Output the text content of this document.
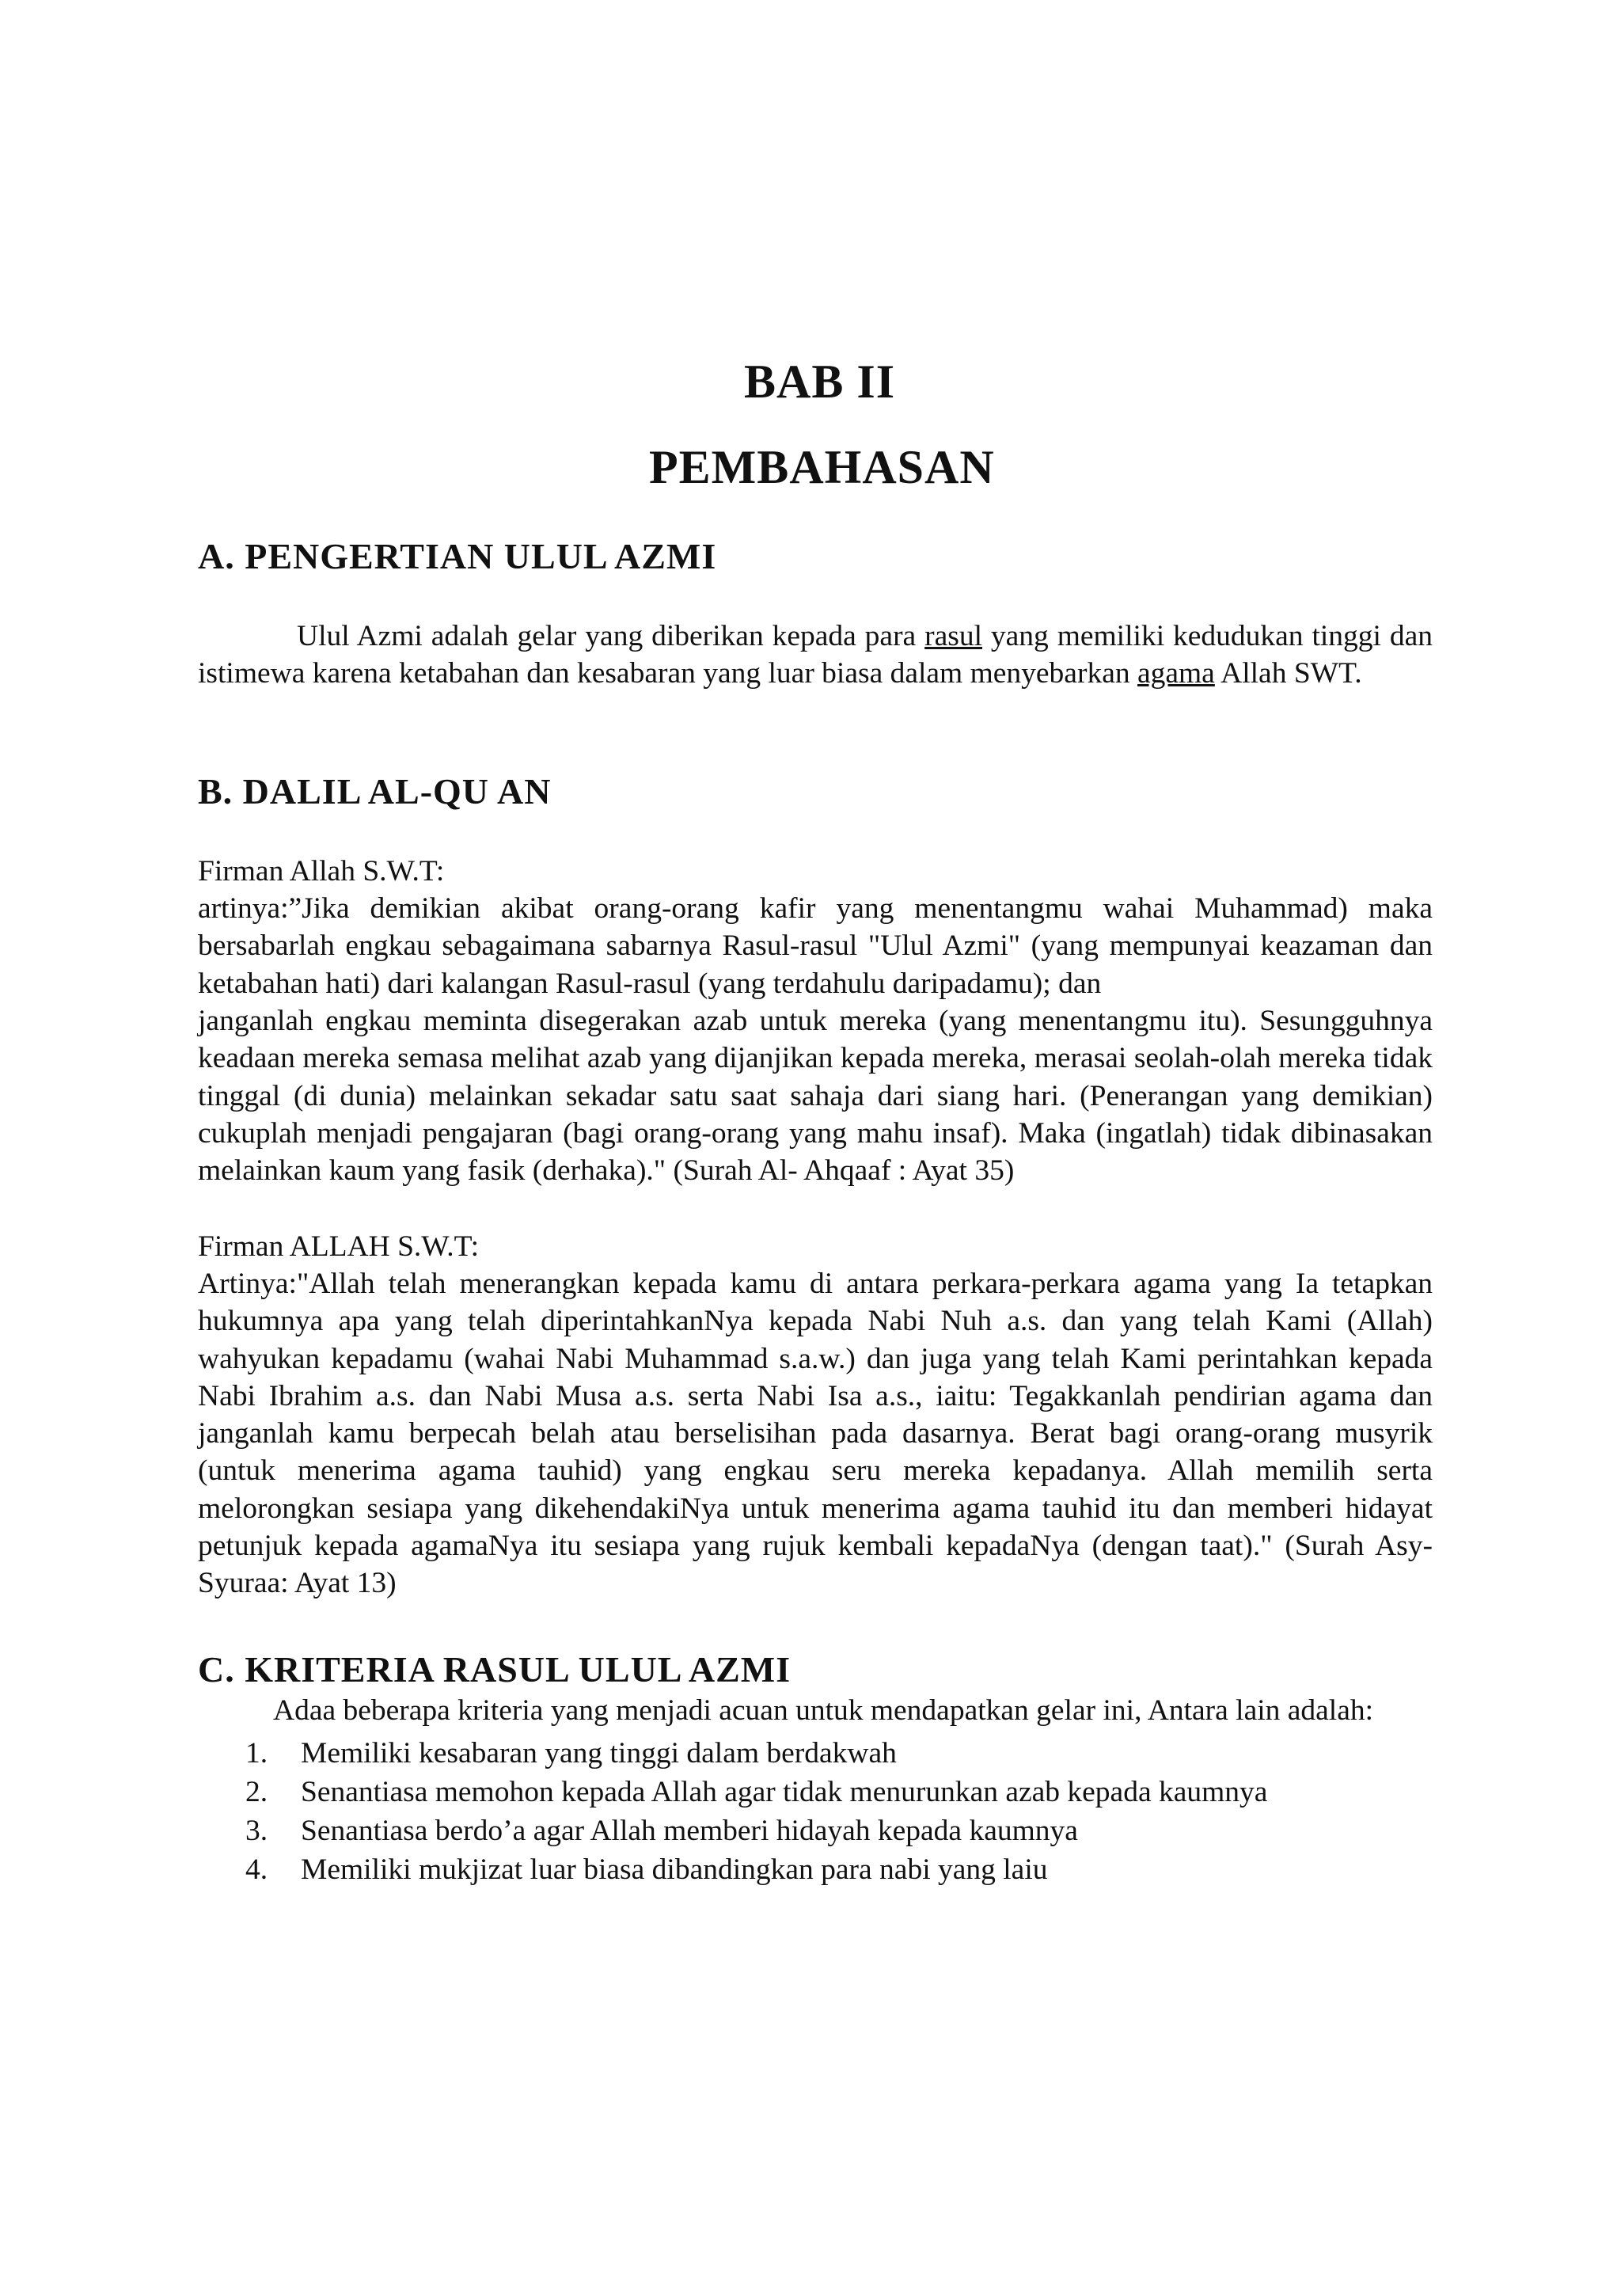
BAB II
PEMBAHASAN
A. PENGERTIAN ULUL AZMI

Ulul Azmi adalah gelar yang diberikan kepada para rasul yang memiliki kedudukan tinggi dan istimewa karena ketabahan dan kesabaran yang luar biasa dalam menyebarkan agama Allah SWT.

B. DALIL AL-QU AN

Firman Allah S.W.T:

artinya:”Jika demikian akibat orang-orang kafir yang menentangmu wahai Muhammad) maka bersabarlah engkau sebagaimana sabarnya Rasul-rasul "Ulul Azmi" (yang mempunyai keazaman dan ketabahan hati) dari kalangan Rasul-rasul (yang terdahulu daripadamu); dan

janganlah engkau meminta disegerakan azab untuk mereka (yang menentangmu itu). Sesungguhnya keadaan mereka semasa melihat azab yang dijanjikan kepada mereka, merasai seolah-olah mereka tidak tinggal (di dunia) melainkan sekadar satu saat sahaja dari siang hari. (Penerangan yang demikian) cukuplah menjadi pengajaran (bagi orang-orang yang mahu insaf). Maka (ingatlah) tidak dibinasakan melainkan kaum yang fasik (derhaka)." (Surah Al- Ahqaaf : Ayat 35)

Firman ALLAH S.W.T:

Artinya:"Allah telah menerangkan kepada kamu di antara perkara-perkara agama yang Ia tetapkan hukumnya apa yang telah diperintahkanNya kepada Nabi Nuh a.s. dan yang telah Kami (Allah) wahyukan kepadamu (wahai Nabi Muhammad s.a.w.) dan juga yang telah Kami perintahkan kepada Nabi Ibrahim a.s. dan Nabi Musa a.s. serta Nabi Isa a.s., iaitu: Tegakkanlah pendirian agama dan janganlah kamu berpecah belah atau berselisihan pada dasarnya. Berat bagi orang-orang musyrik (untuk menerima agama tauhid) yang engkau seru mereka kepadanya. Allah memilih serta melorongkan sesiapa yang dikehendakiNya untuk menerima agama tauhid itu dan memberi hidayat petunjuk kepada agamaNya itu sesiapa yang rujuk kembali kepadaNya (dengan taat)." (Surah Asy-Syuraa: Ayat 13)

C. KRITERIA RASUL ULUL AZMI

Adaa beberapa kriteria yang menjadi acuan untuk mendapatkan gelar ini, Antara lain adalah:

1. Memiliki kesabaran yang tinggi dalam berdakwah
2. Senantiasa memohon kepada Allah agar tidak menurunkan azab kepada kaumnya
3. Senantiasa berdo’a agar Allah memberi hidayah kepada kaumnya
4. Memiliki mukjizat luar biasa dibandingkan para nabi yang laiu
